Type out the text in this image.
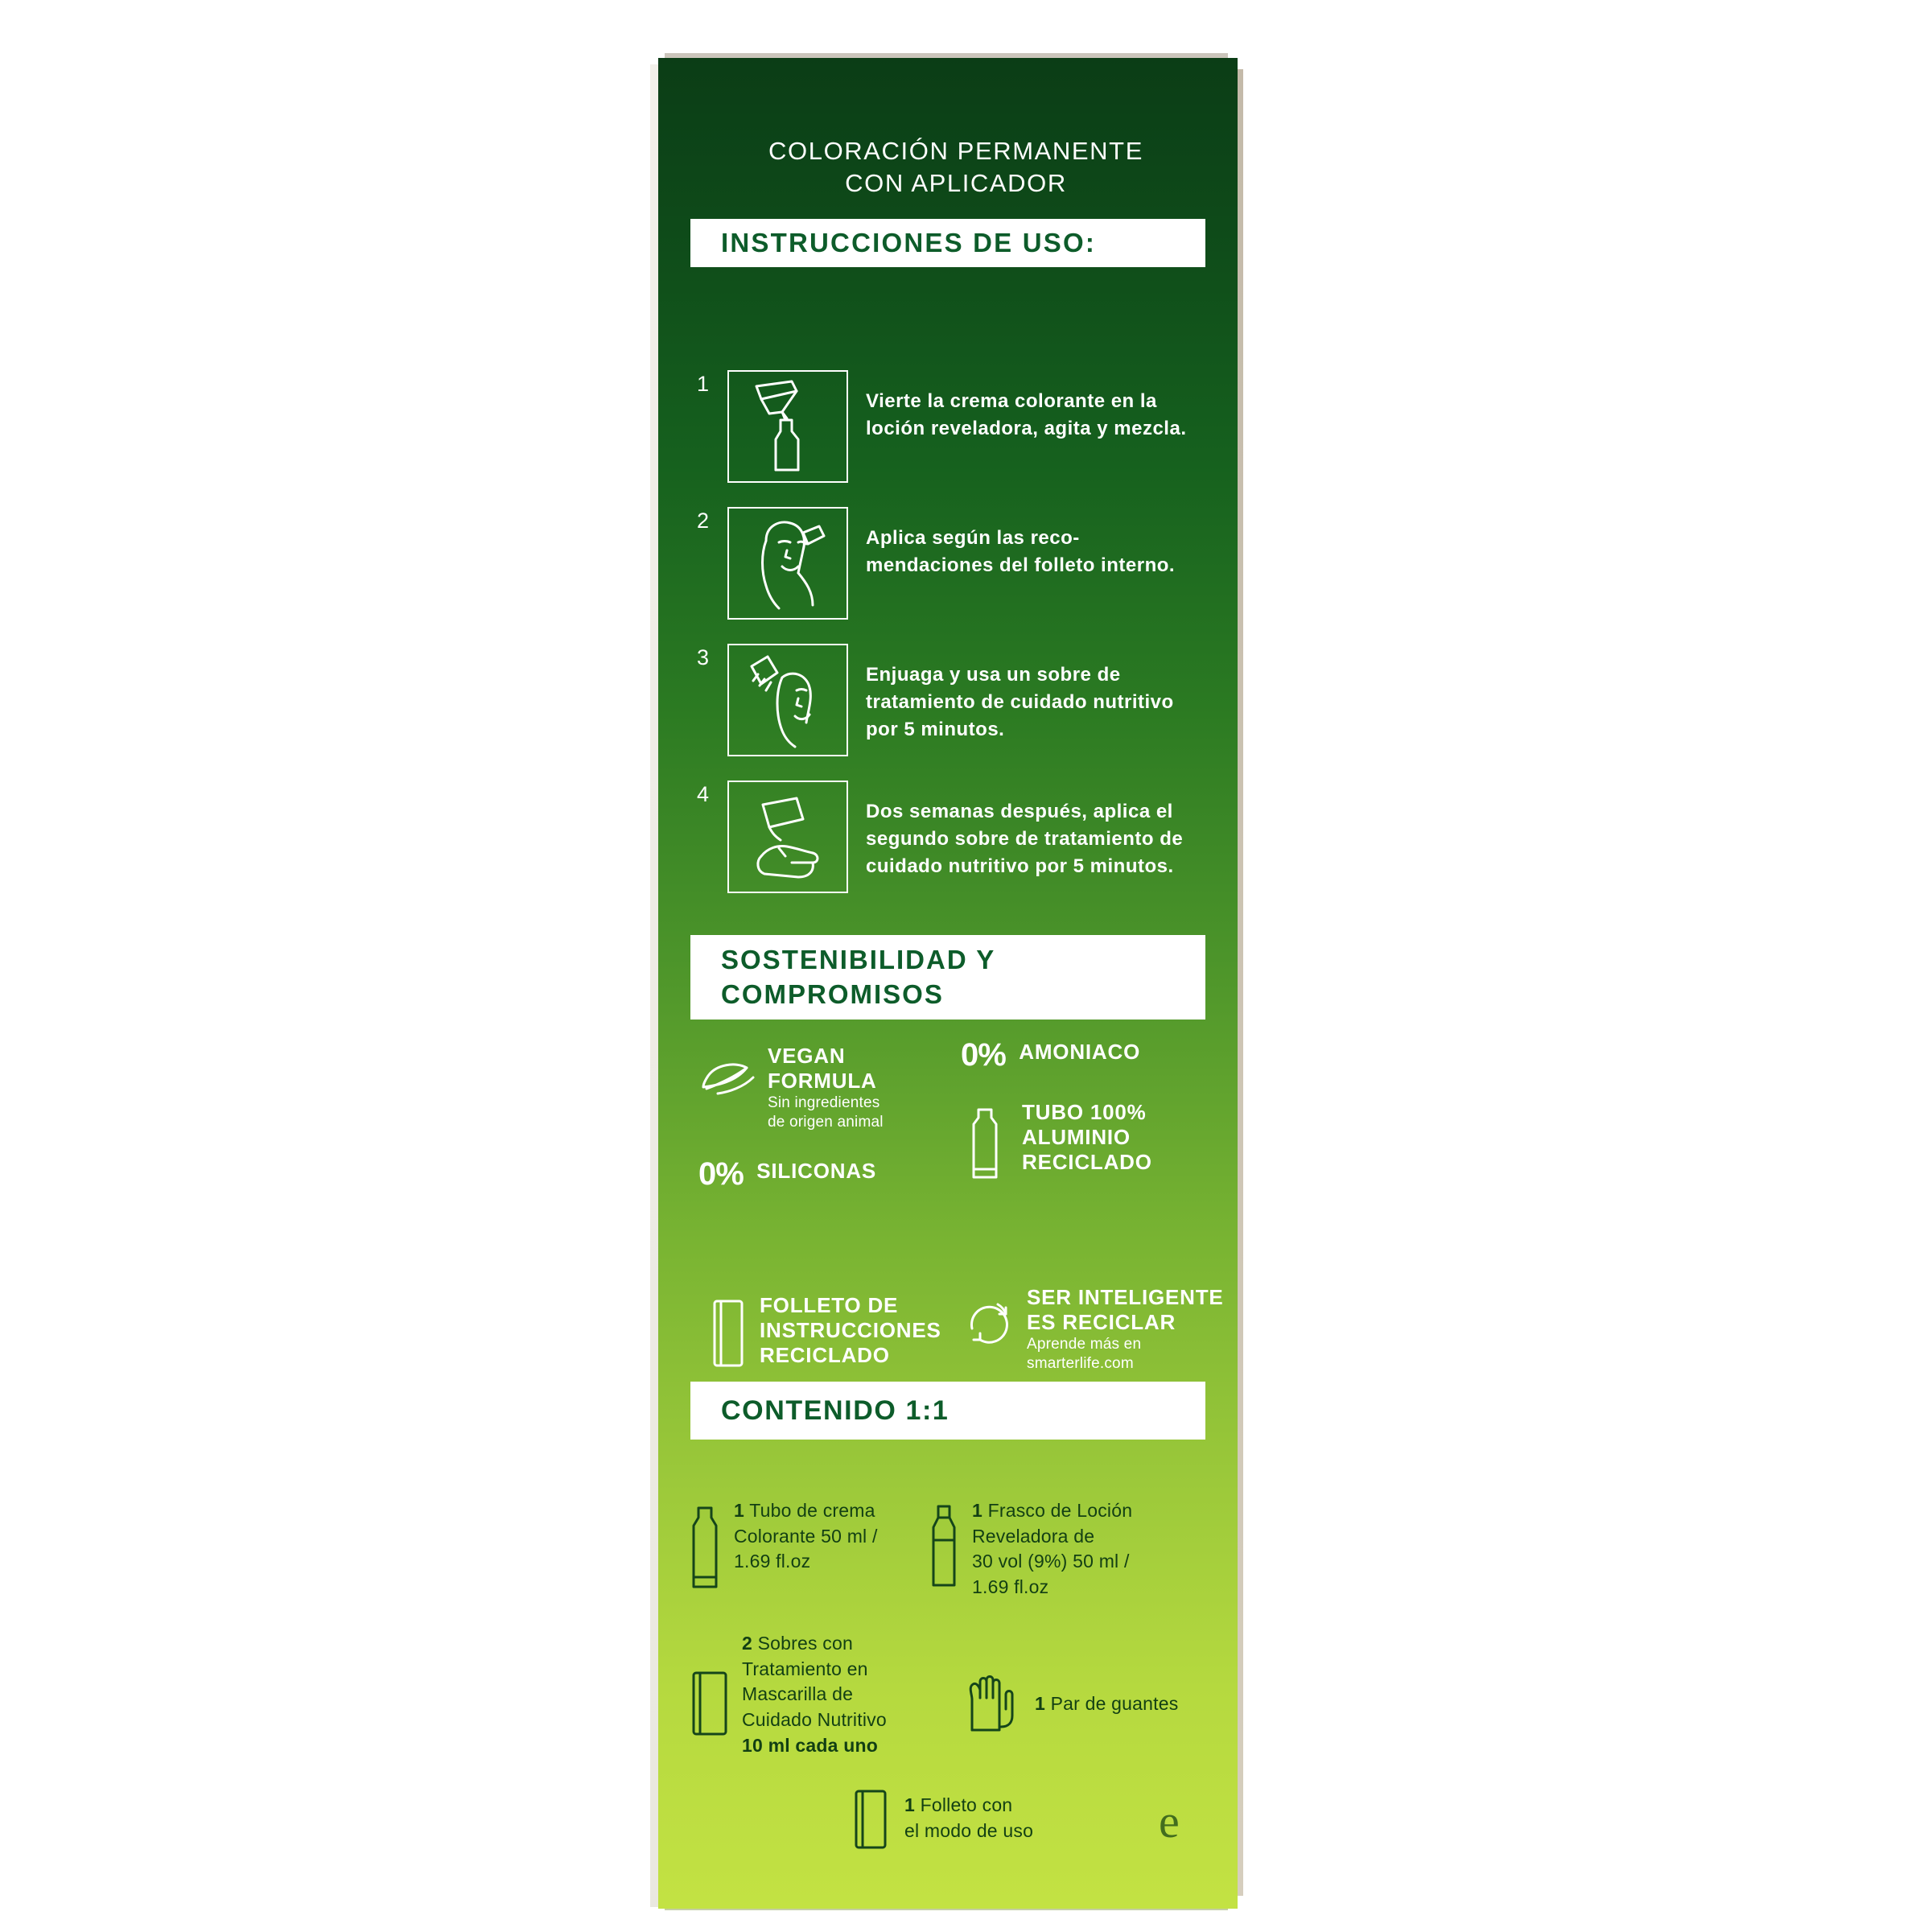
COLORACIÓN PERMANENTE
CON APLICADOR
INSTRUCCIONES DE USO:
1
Vierte la crema colorante en la loción reveladora, agita y mezcla.
2
Aplica según las reco-mendaciones del folleto interno.
3
Enjuaga y usa un sobre de tratamiento de cuidado nutritivo por 5 minutos.
4
Dos semanas después, aplica el segundo sobre de tratamiento de cuidado nutritivo por 5 minutos.
SOSTENIBILIDAD Y
COMPROMISOS
VEGAN
FORMULA
Sin ingredientes
de origen animal
0% AMONIACO
0% SILICONAS
TUBO 100%
ALUMINIO
RECICLADO
FOLLETO DE
INSTRUCCIONES
RECICLADO
SER INTELIGENTE
ES RECICLAR
Aprende más en
smarterlife.com
CONTENIDO 1:1
1 Tubo de crema
Colorante 50 ml /
1.69 fl.oz
1 Frasco de Loción
Reveladora de
30 vol (9%) 50 ml /
1.69 fl.oz
2 Sobres con
Tratamiento en
Mascarilla de
Cuidado Nutritivo
10 ml cada uno
1 Par de guantes
1 Folleto con
el modo de uso	e
